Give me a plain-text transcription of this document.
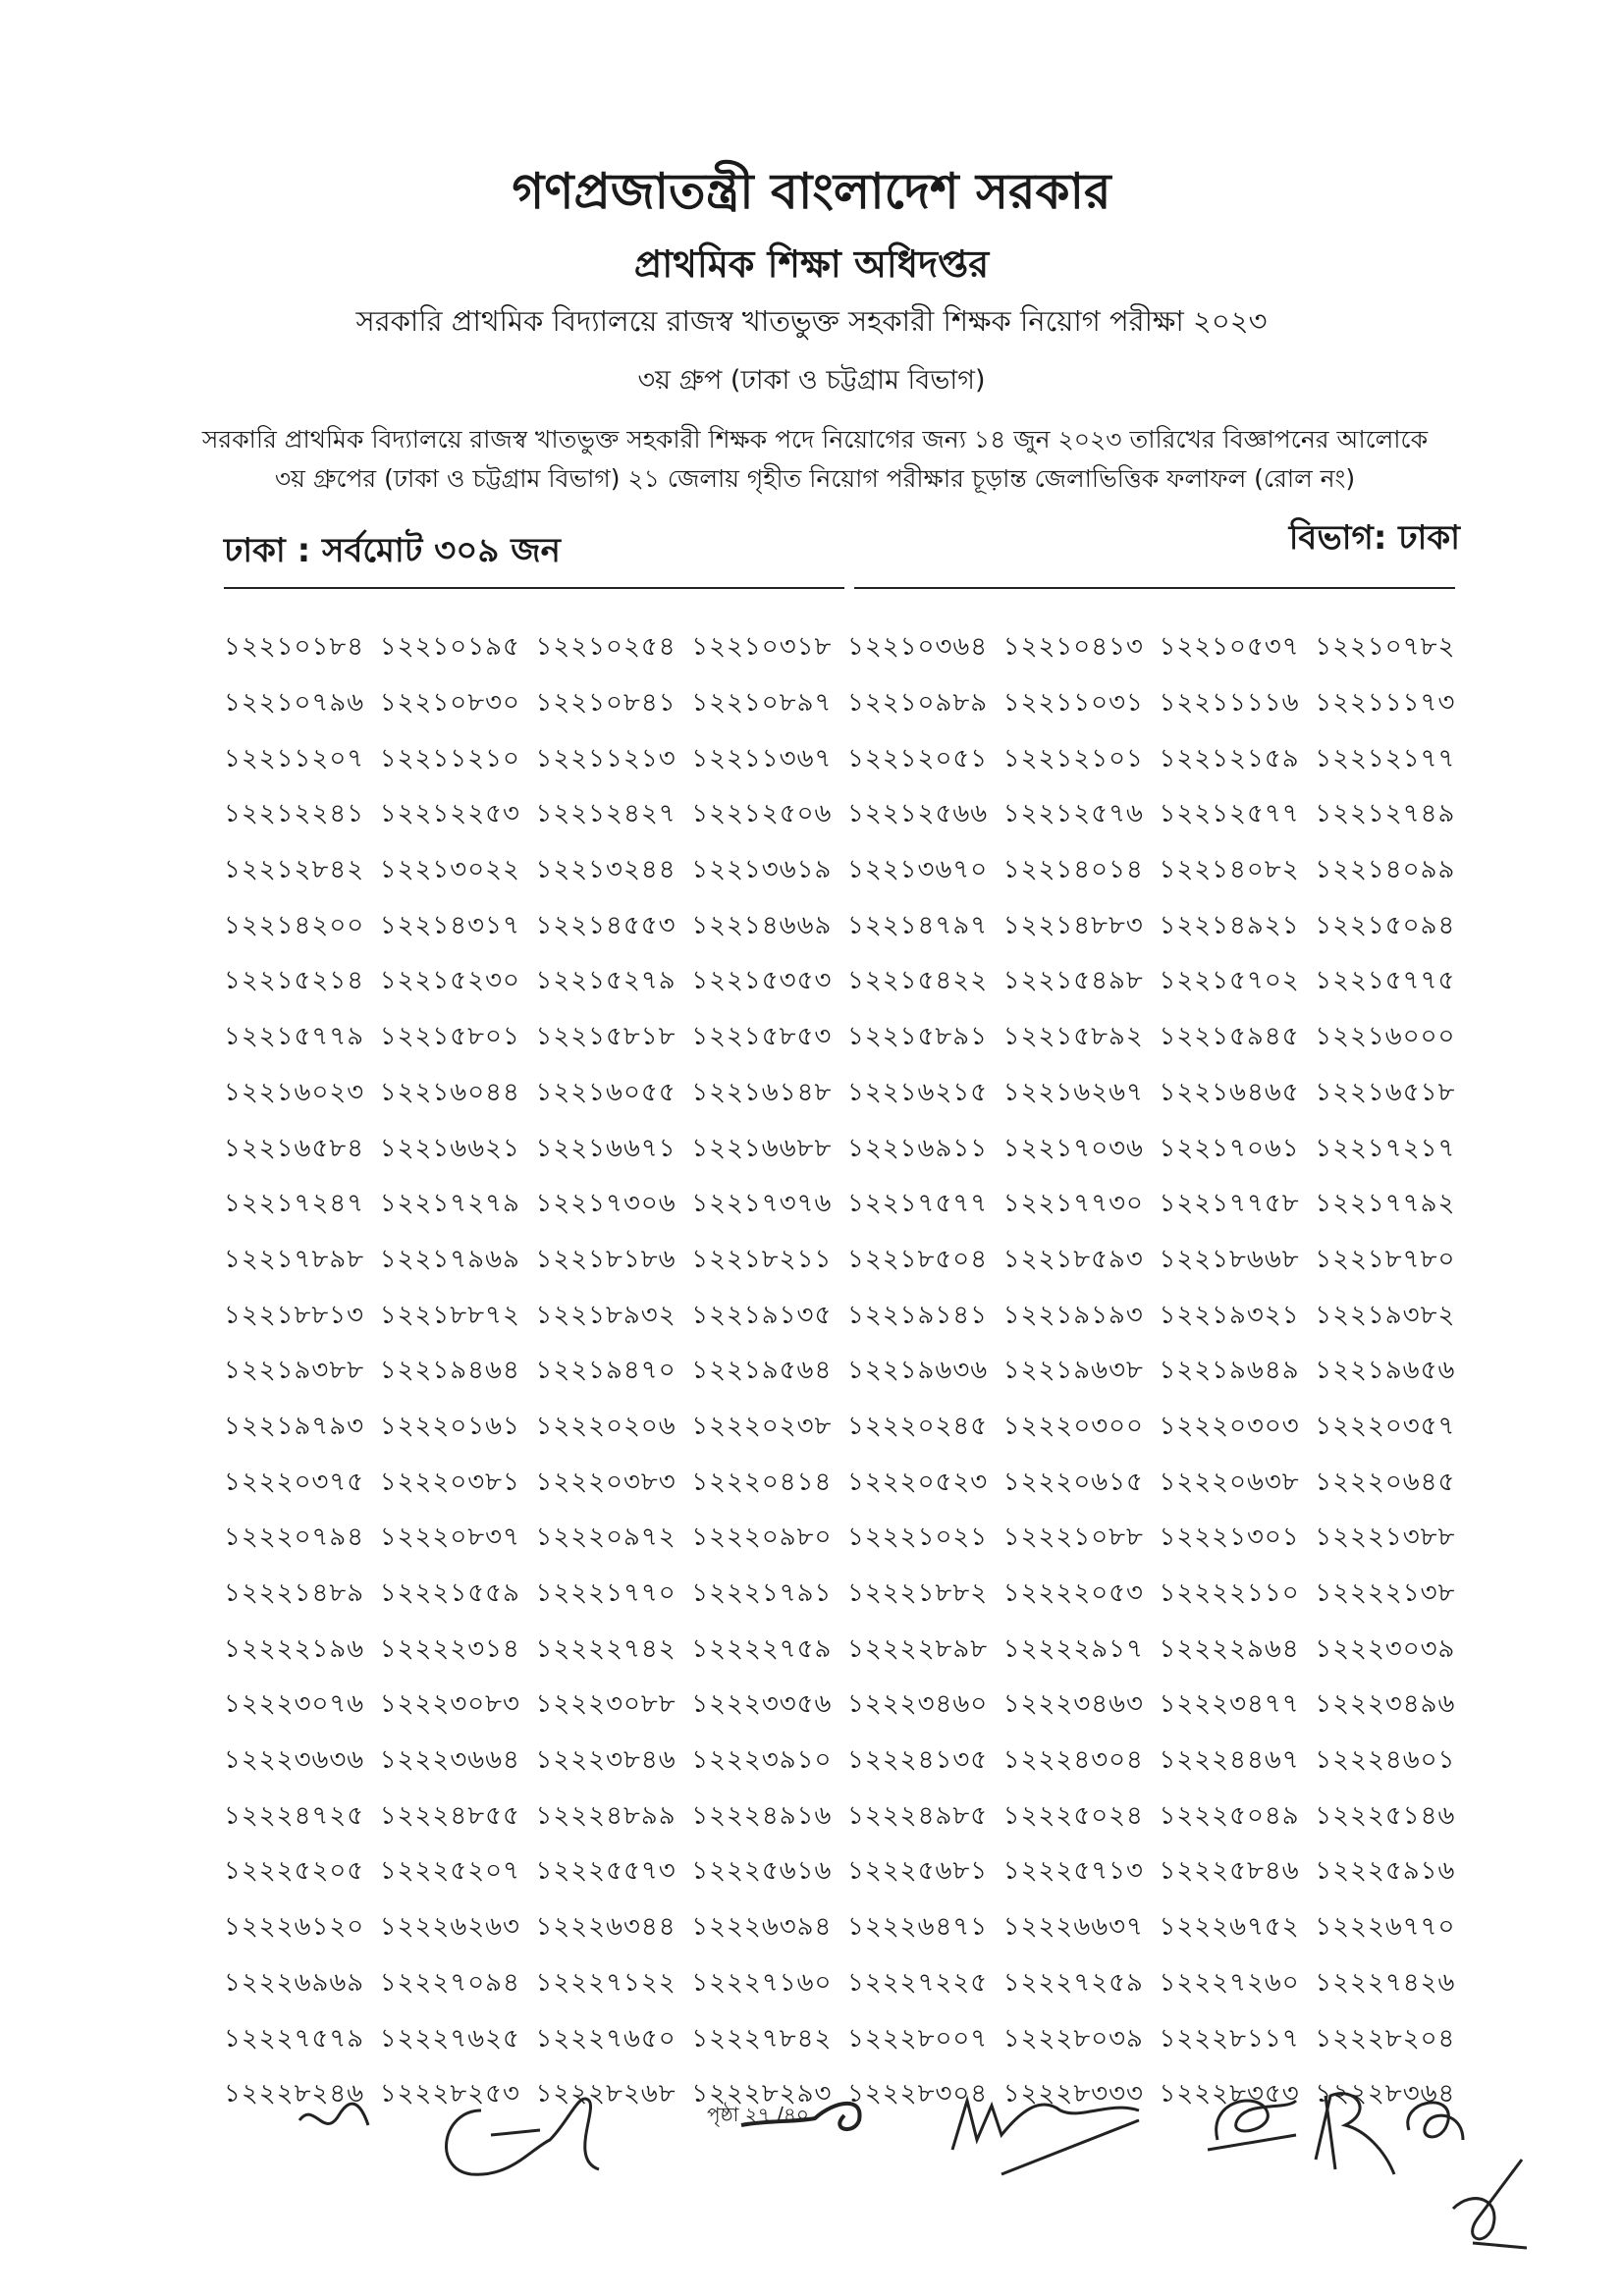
গণপ্রজাতন্ত্রী বাংলাদেশ সরকার
প্রাথমিক শিক্ষা অধিদপ্তর
সরকারি প্রাথমিক বিদ্যালয়ে রাজস্ব খাতভুক্ত সহকারী শিক্ষক নিয়োগ পরীক্ষা ২০২৩
৩য় গ্রুপ (ঢাকা ও চট্টগ্রাম বিভাগ)
সরকারি প্রাথমিক বিদ্যালয়ে রাজস্ব খাতভুক্ত সহকারী শিক্ষক পদে নিয়োগের জন্য ১৪ জুন ২০২৩ তারিখের বিজ্ঞাপনের আলোকে
৩য় গ্রুপের (ঢাকা ও চট্টগ্রাম বিভাগ) ২১ জেলায় গৃহীত নিয়োগ পরীক্ষার চূড়ান্ত জেলাভিত্তিক ফলাফল (রোল নং)
ঢাকা : সর্বমোট ৩০৯ জন	বিভাগ: ঢাকা
১২২১০১৮৪ ১২২১০১৯৫ ১২২১০২৫৪ ১২২১০৩১৮ ১২২১০৩৬৪ ১২২১০৪১৩ ১২২১০৫৩৭ ১২২১০৭৮২
১২২১০৭৯৬ ১২২১০৮৩০ ১২২১০৮৪১ ১২২১০৮৯৭ ১২২১০৯৮৯ ১২২১১০৩১ ১২২১১১১৬ ১২২১১১৭৩
১২২১১২০৭ ১২২১১২১০ ১২২১১২১৩ ১২২১১৩৬৭ ১২২১২০৫১ ১২২১২১০১ ১২২১২১৫৯ ১২২১২১৭৭
১২২১২২৪১ ১২২১২২৫৩ ১২২১২৪২৭ ১২২১২৫০৬ ১২২১২৫৬৬ ১২২১২৫৭৬ ১২২১২৫৭৭ ১২২১২৭৪৯
১২২১২৮৪২ ১২২১৩০২২ ১২২১৩২৪৪ ১২২১৩৬১৯ ১২২১৩৬৭০ ১২২১৪০১৪ ১২২১৪০৮২ ১২২১৪০৯৯
১২২১৪২০০ ১২২১৪৩১৭ ১২২১৪৫৫৩ ১২২১৪৬৬৯ ১২২১৪৭৯৭ ১২২১৪৮৮৩ ১২২১৪৯২১ ১২২১৫০৯৪
১২২১৫২১৪ ১২২১৫২৩০ ১২২১৫২৭৯ ১২২১৫৩৫৩ ১২২১৫৪২২ ১২২১৫৪৯৮ ১২২১৫৭০২ ১২২১৫৭৭৫
১২২১৫৭৭৯ ১২২১৫৮০১ ১২২১৫৮১৮ ১২২১৫৮৫৩ ১২২১৫৮৯১ ১২২১৫৮৯২ ১২২১৫৯৪৫ ১২২১৬০০০
১২২১৬০২৩ ১২২১৬০৪৪ ১২২১৬০৫৫ ১২২১৬১৪৮ ১২২১৬২১৫ ১২২১৬২৬৭ ১২২১৬৪৬৫ ১২২১৬৫১৮
১২২১৬৫৮৪ ১২২১৬৬২১ ১২২১৬৬৭১ ১২২১৬৬৮৮ ১২২১৬৯১১ ১২২১৭০৩৬ ১২২১৭০৬১ ১২২১৭২১৭
১২২১৭২৪৭ ১২২১৭২৭৯ ১২২১৭৩০৬ ১২২১৭৩৭৬ ১২২১৭৫৭৭ ১২২১৭৭৩০ ১২২১৭৭৫৮ ১২২১৭৭৯২
১২২১৭৮৯৮ ১২২১৭৯৬৯ ১২২১৮১৮৬ ১২২১৮২১১ ১২২১৮৫০৪ ১২২১৮৫৯৩ ১২২১৮৬৬৮ ১২২১৮৭৮০
১২২১৮৮১৩ ১২২১৮৮৭২ ১২২১৮৯৩২ ১২২১৯১৩৫ ১২২১৯১৪১ ১২২১৯১৯৩ ১২২১৯৩২১ ১২২১৯৩৮২
১২২১৯৩৮৮ ১২২১৯৪৬৪ ১২২১৯৪৭০ ১২২১৯৫৬৪ ১২২১৯৬৩৬ ১২২১৯৬৩৮ ১২২১৯৬৪৯ ১২২১৯৬৫৬
১২২১৯৭৯৩ ১২২২০১৬১ ১২২২০২০৬ ১২২২০২৩৮ ১২২২০২৪৫ ১২২২০৩০০ ১২২২০৩০৩ ১২২২০৩৫৭
১২২২০৩৭৫ ১২২২০৩৮১ ১২২২০৩৮৩ ১২২২০৪১৪ ১২২২০৫২৩ ১২২২০৬১৫ ১২২২০৬৩৮ ১২২২০৬৪৫
১২২২০৭৯৪ ১২২২০৮৩৭ ১২২২০৯৭২ ১২২২০৯৮০ ১২২২১০২১ ১২২২১০৮৮ ১২২২১৩০১ ১২২২১৩৮৮
১২২২১৪৮৯ ১২২২১৫৫৯ ১২২২১৭৭০ ১২২২১৭৯১ ১২২২১৮৮২ ১২২২২০৫৩ ১২২২২১১০ ১২২২২১৩৮
১২২২২১৯৬ ১২২২২৩১৪ ১২২২২৭৪২ ১২২২২৭৫৯ ১২২২২৮৯৮ ১২২২২৯১৭ ১২২২২৯৬৪ ১২২২৩০৩৯
১২২২৩০৭৬ ১২২২৩০৮৩ ১২২২৩০৮৮ ১২২২৩৩৫৬ ১২২২৩৪৬০ ১২২২৩৪৬৩ ১২২২৩৪৭৭ ১২২২৩৪৯৬
১২২২৩৬৩৬ ১২২২৩৬৬৪ ১২২২৩৮৪৬ ১২২২৩৯১০ ১২২২৪১৩৫ ১২২২৪৩০৪ ১২২২৪৪৬৭ ১২২২৪৬০১
১২২২৪৭২৫ ১২২২৪৮৫৫ ১২২২৪৮৯৯ ১২২২৪৯১৬ ১২২২৪৯৮৫ ১২২২৫০২৪ ১২২২৫০৪৯ ১২২২৫১৪৬
১২২২৫২০৫ ১২২২৫২০৭ ১২২২৫৫৭৩ ১২২২৫৬১৬ ১২২২৫৬৮১ ১২২২৫৭১৩ ১২২২৫৮৪৬ ১২২২৫৯১৬
১২২২৬১২০ ১২২২৬২৬৩ ১২২২৬৩৪৪ ১২২২৬৩৯৪ ১২২২৬৪৭১ ১২২২৬৬৩৭ ১২২২৬৭৫২ ১২২২৬৭৭০
১২২২৬৯৬৯ ১২২২৭০৯৪ ১২২২৭১২২ ১২২২৭১৬০ ১২২২৭২২৫ ১২২২৭২৫৯ ১২২২৭২৬০ ১২২২৭৪২৬
১২২২৭৫৭৯ ১২২২৭৬২৫ ১২২২৭৬৫০ ১২২২৭৮৪২ ১২২২৮০০৭ ১২২২৮০৩৯ ১২২২৮১১৭ ১২২২৮২০৪
১২২২৮২৪৬ ১২২২৮২৫৩ ১২২২৮২৬৮ ১২২২৮২৯৩ ১২২২৮৩০৪ ১২২২৮৩৩৩ ১২২২৮৩৫৩ ১২২২৮৩৬৪
পৃষ্ঠা ২৭ /৪০
